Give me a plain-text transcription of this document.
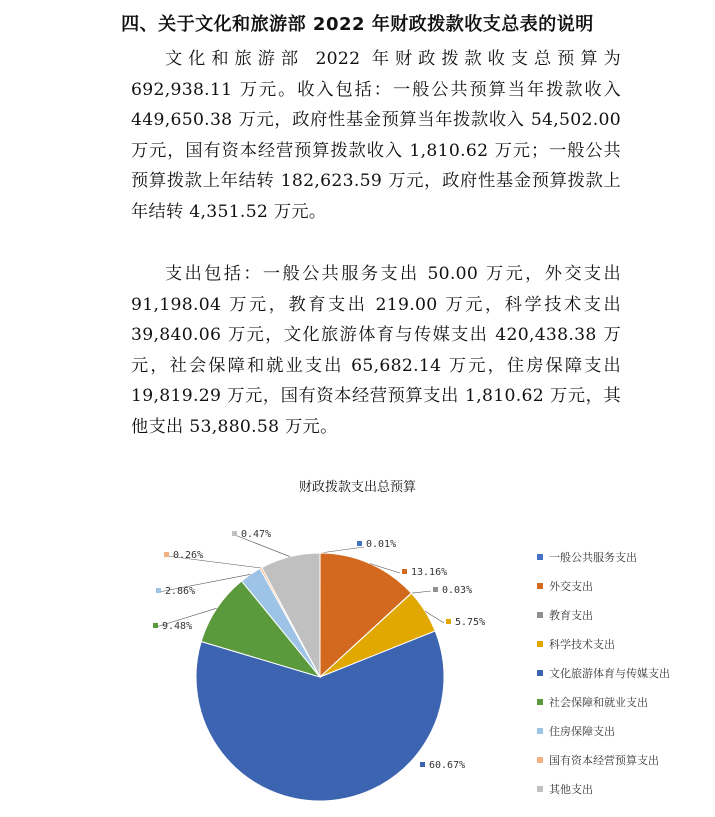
四、关于文化和旅游部 2022 年财政拨款收支总表的说明

文化和旅游部 2022 年财政拨款收支总预算为 692,938.11 万元。收入包括：一般公共预算当年拨款收入 449,650.38 万元，政府性基金预算当年拨款收入 54,502.00 万元，国有资本经营预算拨款收入 1,810.62 万元；一般公共预算拨款上年结转 182,623.59 万元，政府性基金预算拨款上年结转 4,351.52 万元。

支出包括：一般公共服务支出 50.00 万元，外交支出 91,198.04 万元，教育支出 219.00 万元，科学技术支出 39,840.06 万元，文化旅游体育与传媒支出 420,438.38 万元，社会保障和就业支出 65,682.14 万元，住房保障支出 19,819.29 万元，国有资本经营预算支出 1,810.62 万元，其他支出 53,880.58 万元。

财政拨款支出总预算
0.01%
13.16%
0.03%
5.75%
60.67%
9.48%
2.86%
0.26%
0.47%
一般公共服务支出
外交支出
教育支出
科学技术支出
文化旅游体育与传媒支出
社会保障和就业支出
住房保障支出
国有资本经营预算支出
其他支出
